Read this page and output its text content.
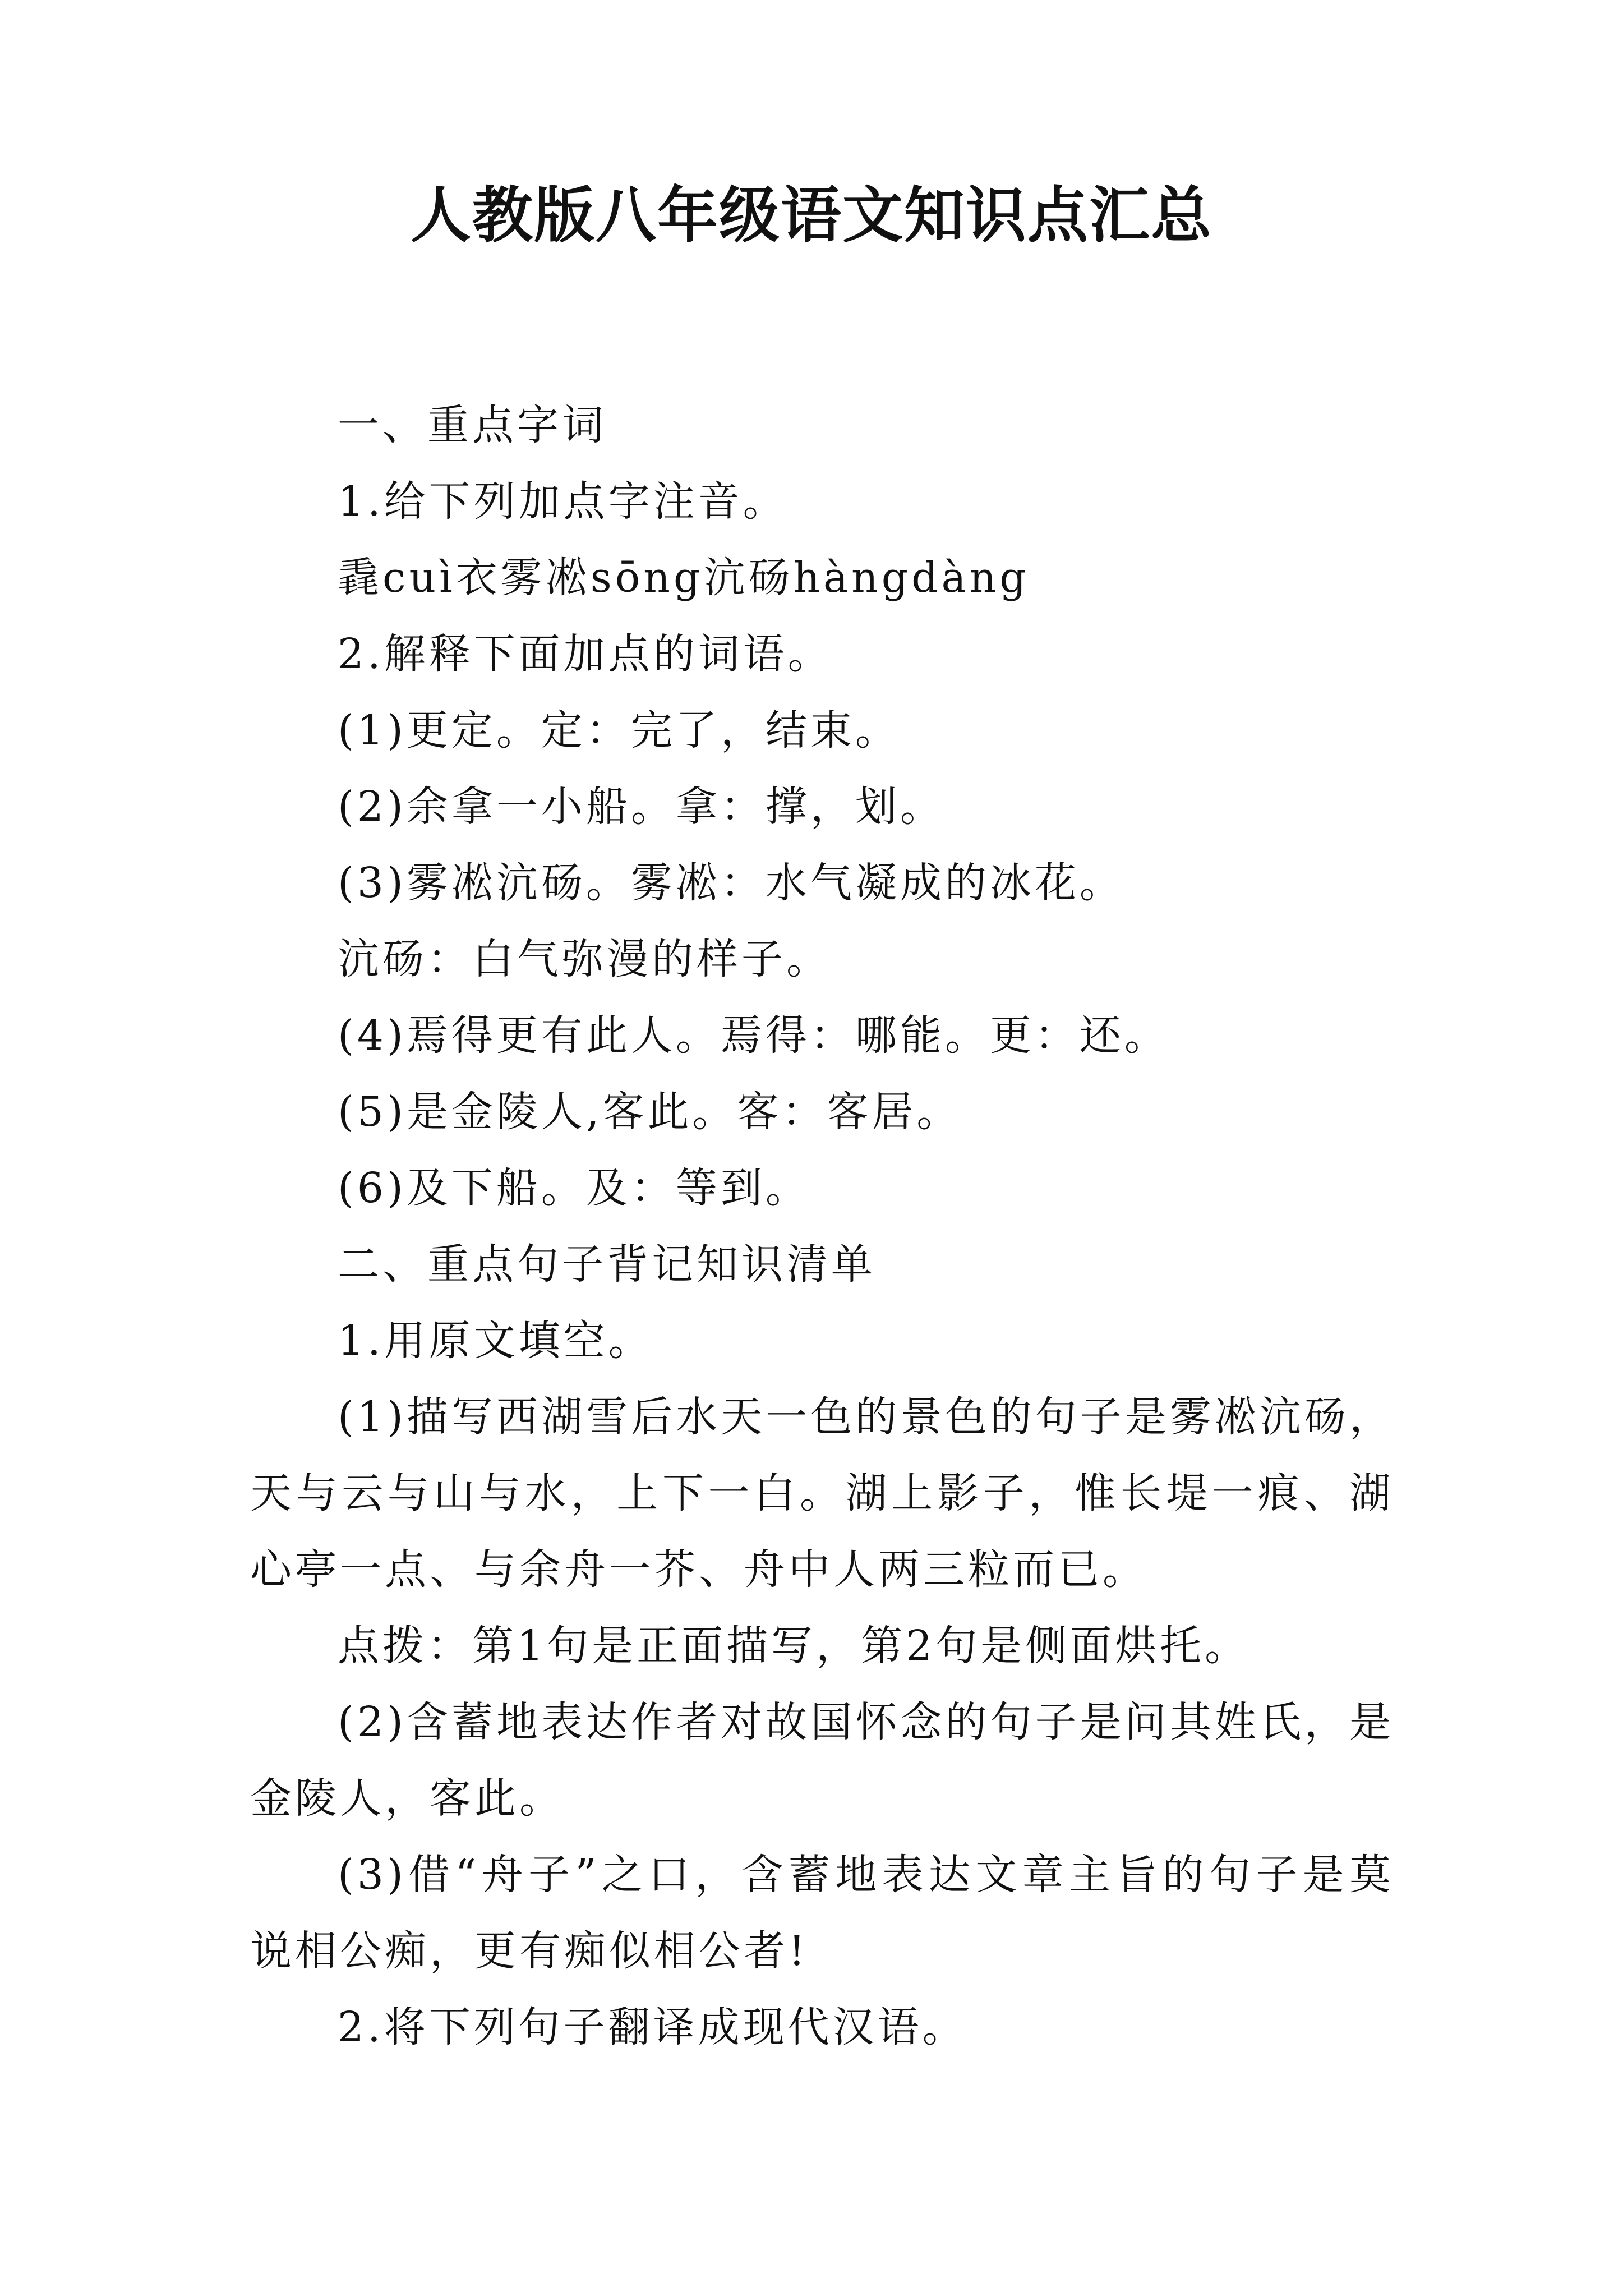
人教版八年级语文知识点汇总

一、重点字词

1.给下列加点字注音。

毳cuì衣雾凇sōng沆砀hàngdàng

2.解释下面加点的词语。

(1)更定。定：完了，结束。

(2)余拿一小船。拿：撑，划。

(3)雾凇沆砀。雾凇：水气凝成的冰花。

沆砀：白气弥漫的样子。

(4)焉得更有此人。焉得：哪能。更：还。

(5)是金陵人,客此。客：客居。

(6)及下船。及：等到。

二、重点句子背记知识清单

1.用原文填空。

(1)描写西湖雪后水天一色的景色的句子是雾凇沆砀，天与云与山与水，上下一白。湖上影子，惟长堤一痕、湖心亭一点、与余舟一芥、舟中人两三粒而已。

点拨：第1句是正面描写，第2句是侧面烘托。

(2)含蓄地表达作者对故国怀念的句子是问其姓氏，是金陵人，客此。

(3)借“舟子”之口，含蓄地表达文章主旨的句子是莫说相公痴，更有痴似相公者!

2.将下列句子翻译成现代汉语。
